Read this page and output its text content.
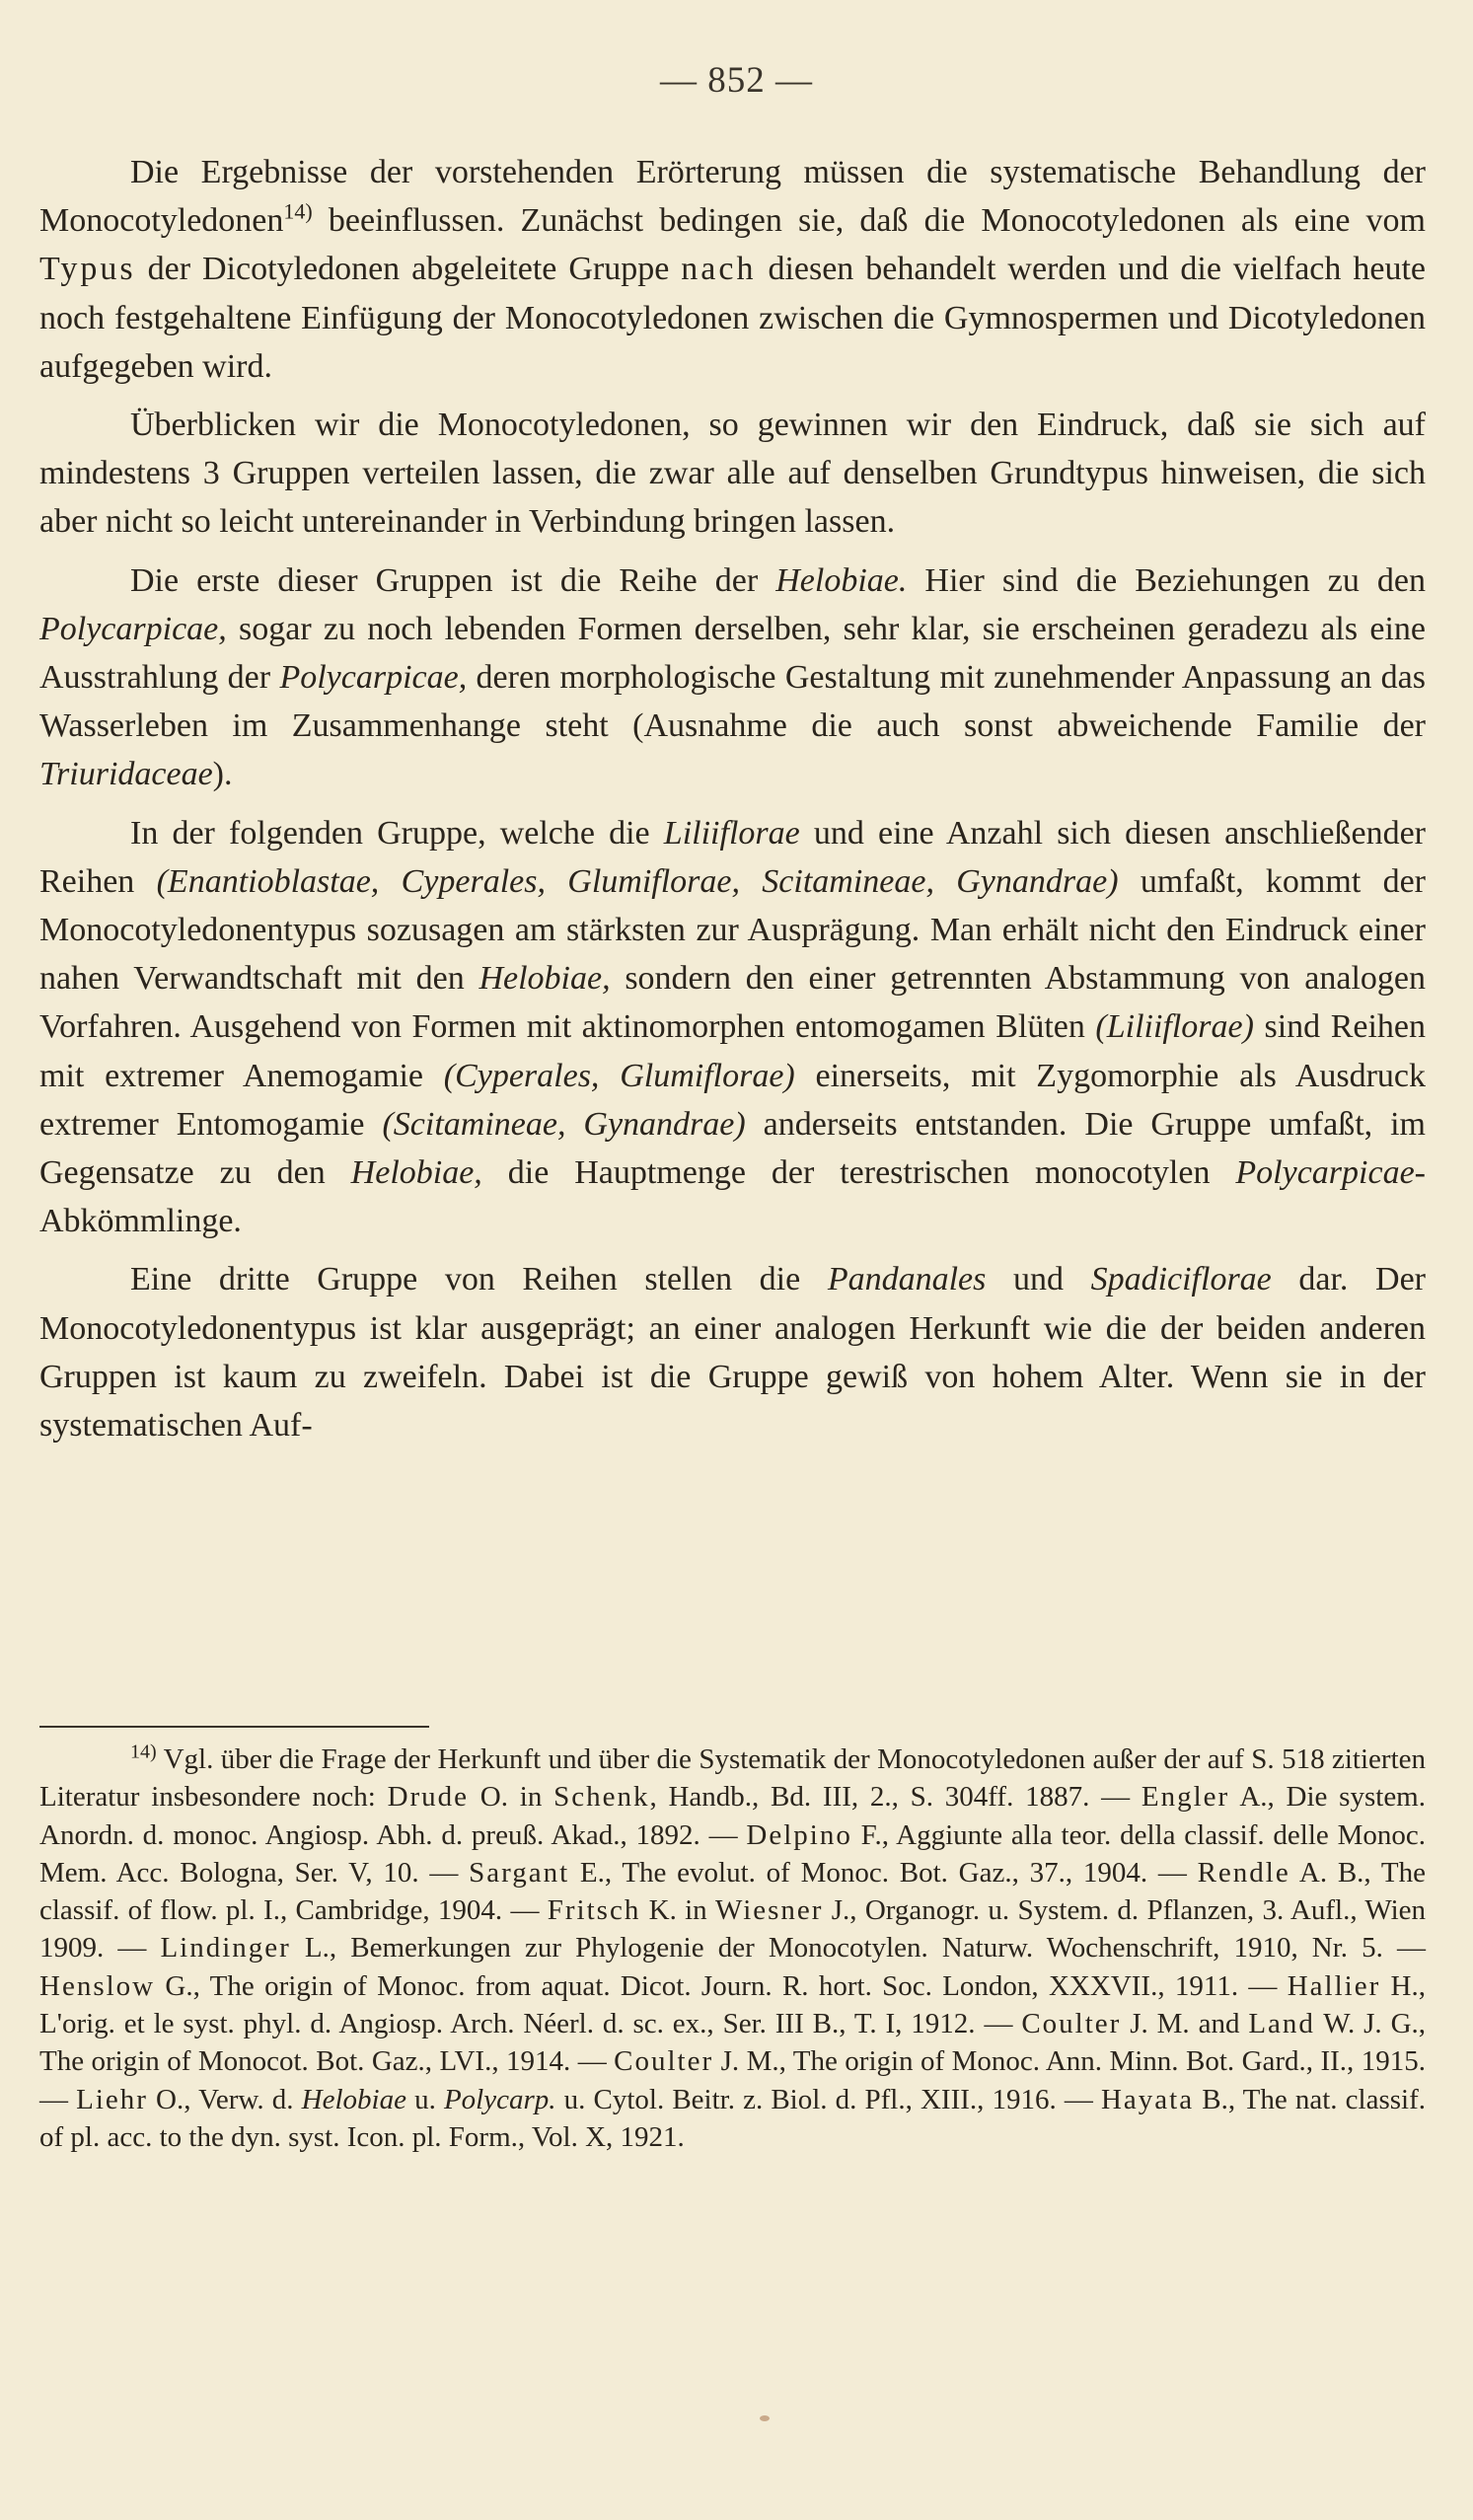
— 852 —

Die Ergebnisse der vorstehenden Erörterung müssen die systematische Behandlung der Monocotyledonen$^{14)}$ beeinflussen. Zunächst bedingen sie, daß die Monocotyledonen als eine vom Typus der Dicotyledonen abgeleitete Gruppe nach diesen behandelt werden und die vielfach heute noch festgehaltene Einfügung der Monocotyledonen zwischen die Gymnospermen und Dicotyledonen aufgegeben wird.

Überblicken wir die Monocotyledonen, so gewinnen wir den Eindruck, daß sie sich auf mindestens 3 Gruppen verteilen lassen, die zwar alle auf denselben Grundtypus hinweisen, die sich aber nicht so leicht untereinander in Verbindung bringen lassen.

Die erste dieser Gruppen ist die Reihe der Helobiae. Hier sind die Beziehungen zu den Polycarpicae, sogar zu noch lebenden Formen derselben, sehr klar, sie erscheinen geradezu als eine Ausstrahlung der Polycarpicae, deren morphologische Gestaltung mit zunehmender Anpassung an das Wasserleben im Zusammenhange steht (Ausnahme die auch sonst abweichende Familie der Triuridaceae).

In der folgenden Gruppe, welche die Liliiflorae und eine Anzahl sich diesen anschließender Reihen (Enantioblastae, Cyperales, Glumiflorae, Scitamineae, Gynandrae) umfaßt, kommt der Monocotyledonentypus sozusagen am stärksten zur Ausprägung. Man erhält nicht den Eindruck einer nahen Verwandtschaft mit den Helobiae, sondern den einer getrennten Abstammung von analogen Vorfahren. Ausgehend von Formen mit aktinomorphen entomogamen Blüten (Liliiflorae) sind Reihen mit extremer Anemogamie (Cyperales, Glumiflorae) einerseits, mit Zygomorphie als Ausdruck extremer Entomogamie (Scitamineae, Gynandrae) anderseits entstanden. Die Gruppe umfaßt, im Gegensatze zu den Helobiae, die Hauptmenge der terestrischen monocotylen Polycarpicae-Abkömmlinge.

Eine dritte Gruppe von Reihen stellen die Pandanales und Spadiciflorae dar. Der Monocotyledonentypus ist klar ausgeprägt; an einer analogen Herkunft wie die der beiden anderen Gruppen ist kaum zu zweifeln. Dabei ist die Gruppe gewiß von hohem Alter. Wenn sie in der systematischen Auf-

$^{14)}$ Vgl. über die Frage der Herkunft und über die Systematik der Monocotyledonen außer der auf S. 518 zitierten Literatur insbesondere noch: Drude O. in Schenk, Handb., Bd. III, 2., S. 304ff. 1887. — Engler A., Die system. Anordn. d. monoc. Angiosp. Abh. d. preuß. Akad., 1892. — Delpino F., Aggiunte alla teor. della classif. delle Monoc. Mem. Acc. Bologna, Ser. V, 10. — Sargant E., The evolut. of Monoc. Bot. Gaz., 37., 1904. — Rendle A. B., The classif. of flow. pl. I., Cambridge, 1904. — Fritsch K. in Wiesner J., Organogr. u. System. d. Pflanzen, 3. Aufl., Wien 1909. — Lindinger L., Bemerkungen zur Phylogenie der Monocotylen. Naturw. Wochenschrift, 1910, Nr. 5. — Henslow G., The origin of Monoc. from aquat. Dicot. Journ. R. hort. Soc. London, XXXVII., 1911. — Hallier H., L'orig. et le syst. phyl. d. Angiosp. Arch. Néerl. d. sc. ex., Ser. III B., T. I, 1912. — Coulter J. M. and Land W. J. G., The origin of Monocot. Bot. Gaz., LVI., 1914. — Coulter J. M., The origin of Monoc. Ann. Minn. Bot. Gard., II., 1915. — Liehr O., Verw. d. Helobiae u. Polycarp. u. Cytol. Beitr. z. Biol. d. Pfl., XIII., 1916. — Hayata B., The nat. classif. of pl. acc. to the dyn. syst. Icon. pl. Form., Vol. X, 1921.
